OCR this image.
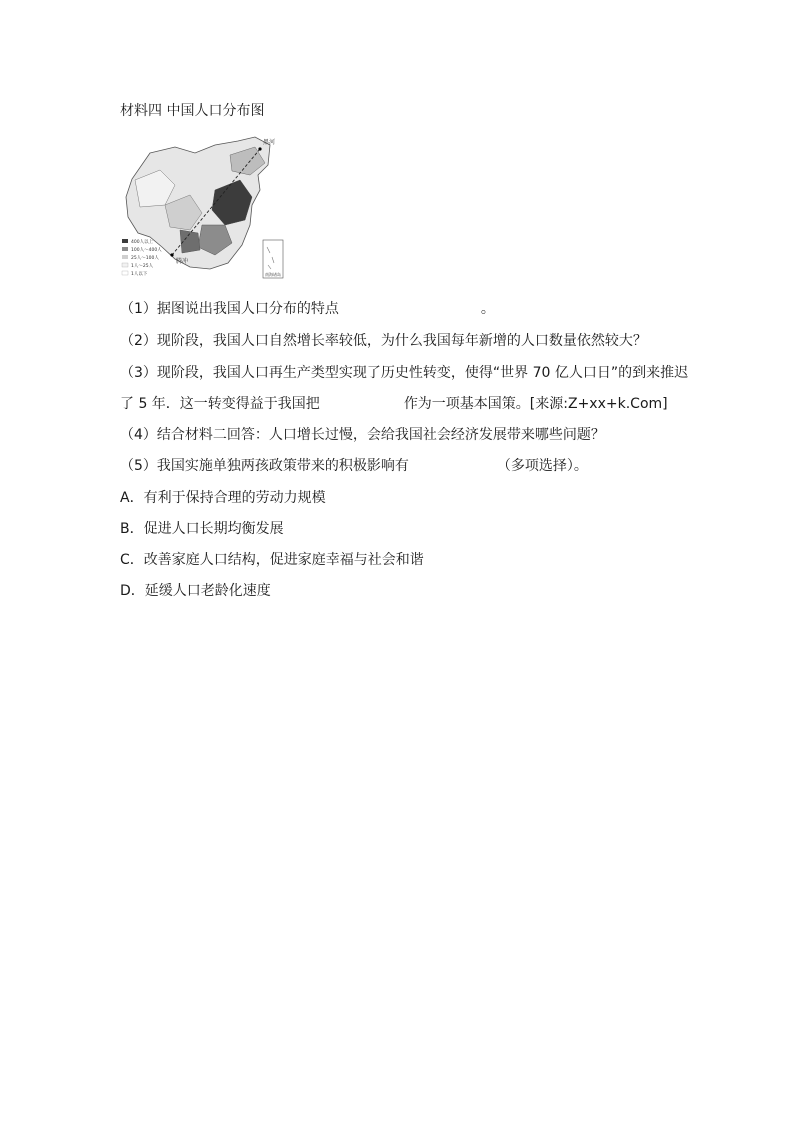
材料四 中国人口分布图
黑河
腾冲
南海诸岛
400人以上
100人～400人
25人～100人
1人～25人
1人以下
（1）据图说出我国人口分布的特点	。
（2）现阶段，我国人口自然增长率较低，为什么我国每年新增的人口数量依然较大？
（3）现阶段，我国人口再生产类型实现了历史性转变，使得“世界 70 亿人口日”的到来推迟
了 5 年．这一转变得益于我国把	作为一项基本国策。[来源:Z+xx+k.Com]
（4）结合材料二回答：人口增长过慢，会给我国社会经济发展带来哪些问题？
（5）我国实施单独两孩政策带来的积极影响有	（多项选择）。
A．有利于保持合理的劳动力规模
B．促进人口长期均衡发展
C．改善家庭人口结构，促进家庭幸福与社会和谐
D．延缓人口老龄化速度
